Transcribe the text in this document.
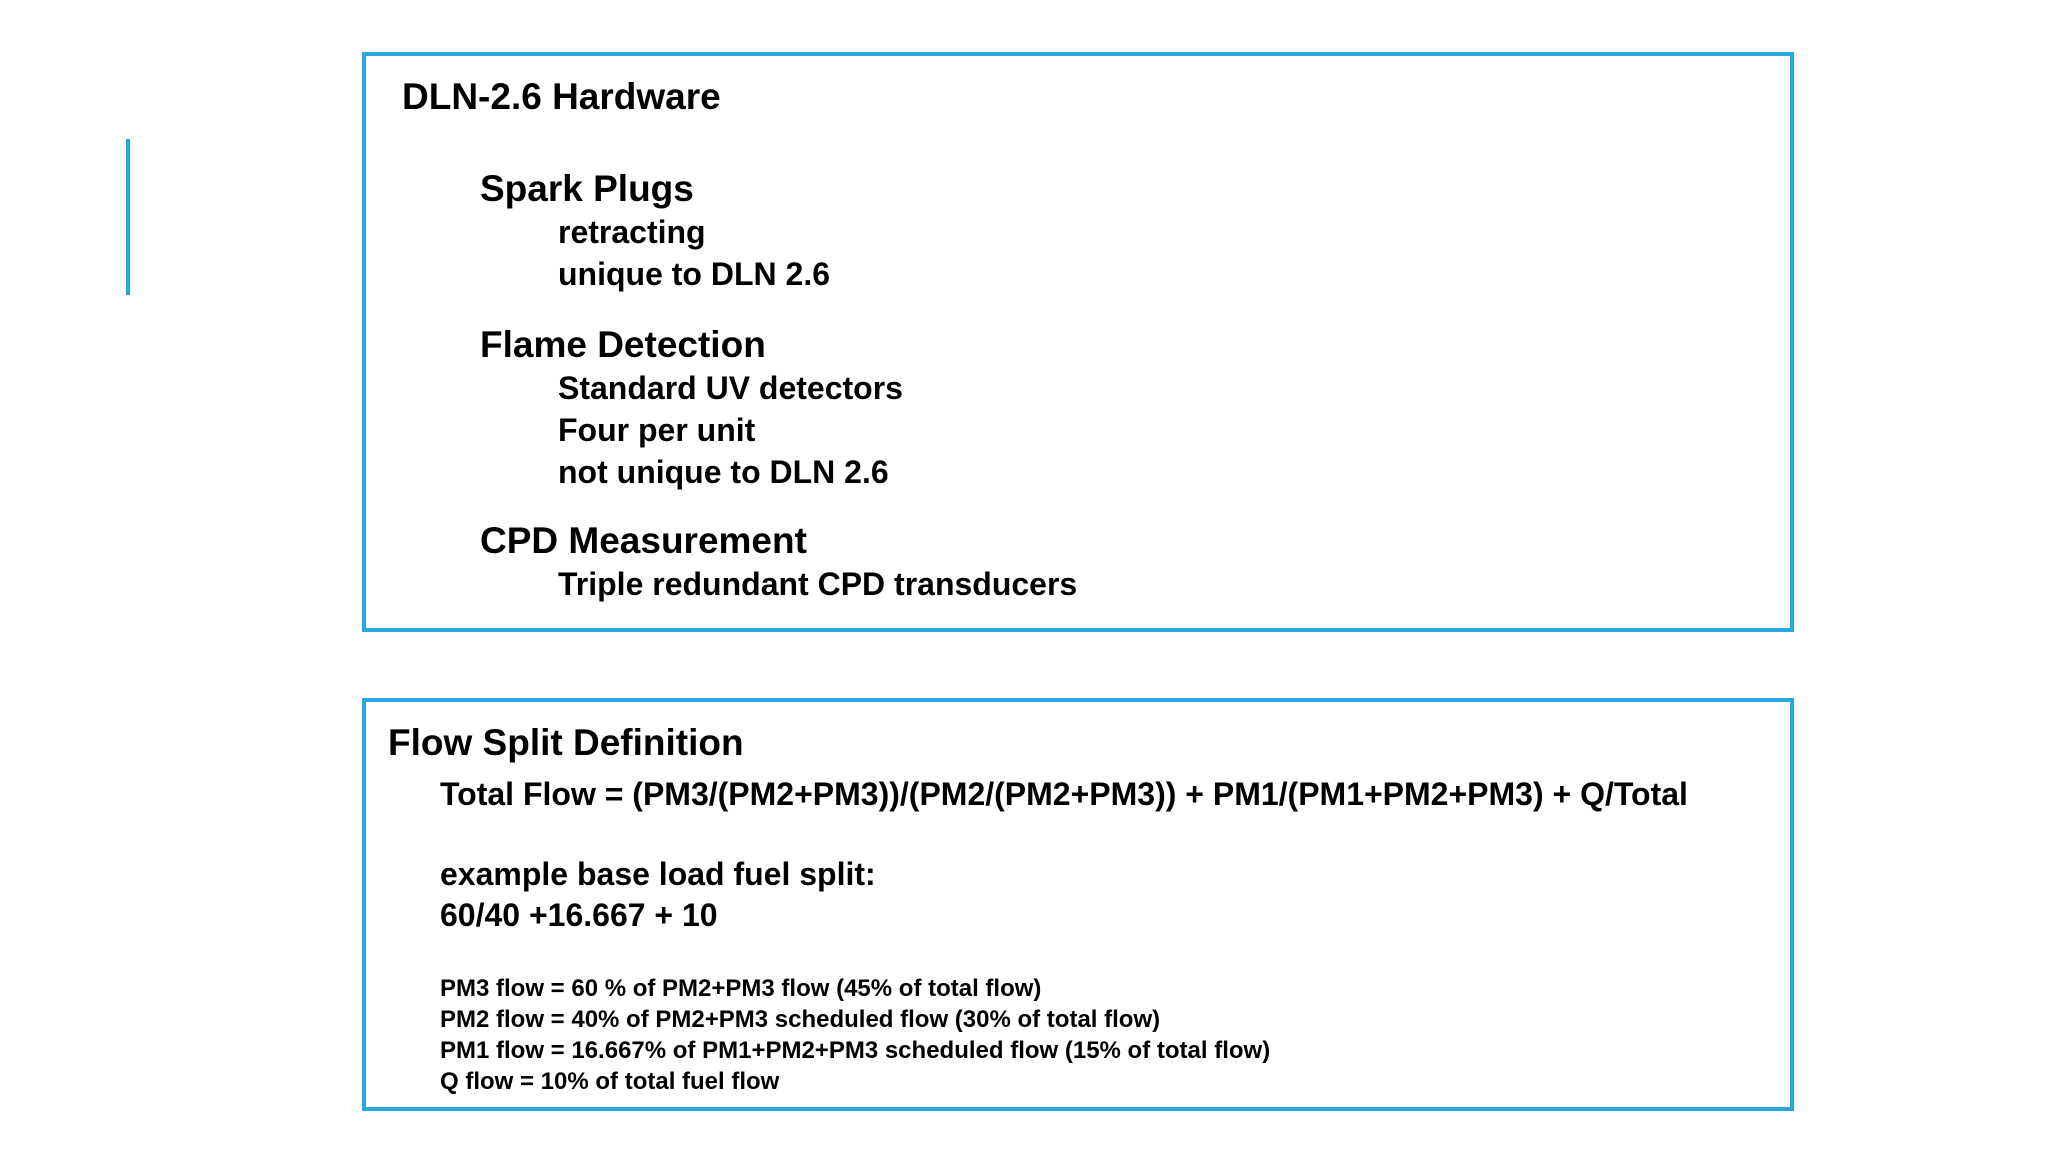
DLN-2.6 Hardware
Spark Plugs
retracting
unique to DLN 2.6
Flame Detection
Standard UV detectors
Four per unit
not unique to DLN 2.6
CPD Measurement
Triple redundant CPD transducers
Flow Split Definition
Total Flow = (PM3/(PM2+PM3))/(PM2/(PM2+PM3)) + PM1/(PM1+PM2+PM3) + Q/Total
example base load fuel split:
60/40 +16.667 + 10
PM3 flow = 60 % of PM2+PM3 flow (45% of total flow)
PM2 flow = 40% of PM2+PM3 scheduled flow (30% of total flow)
PM1 flow = 16.667% of PM1+PM2+PM3 scheduled flow (15% of total flow)
Q flow = 10% of total fuel flow
